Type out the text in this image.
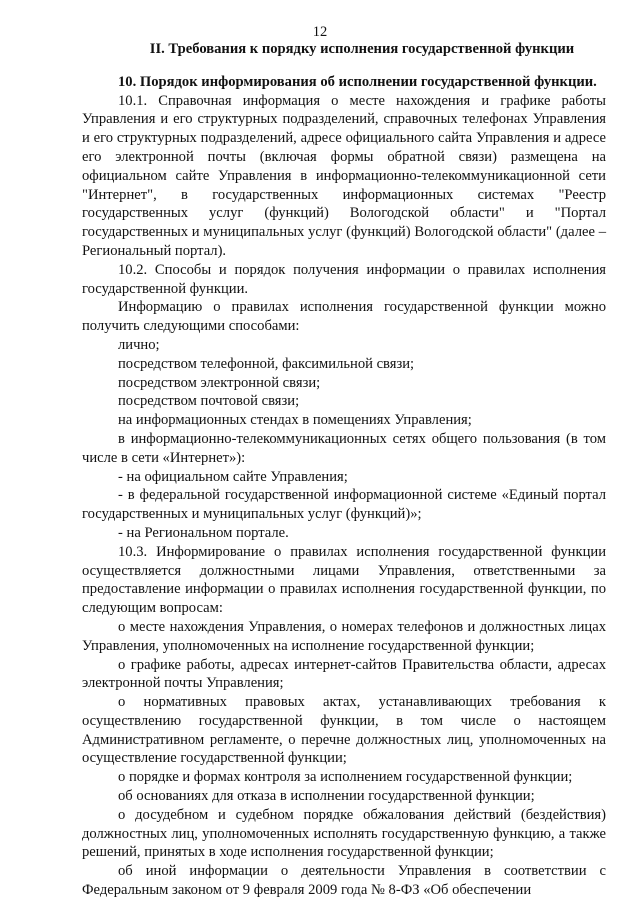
12
II. Требования к порядку исполнения государственной функции
10. Порядок информирования об исполнении государственной функции.

10.1. Справочная информация о месте нахождения и графике работы Управления и его структурных подразделений, справочных телефонах Управления и его структурных подразделений, адресе официального сайта Управления и адресе его электронной почты (включая формы обратной связи) размещена на официальном сайте Управления в информационно-телекоммуникационной сети "Интернет", в государственных информационных системах "Реестр государственных услуг (функций) Вологодской области" и "Портал государственных и муниципальных услуг (функций) Вологодской области" (далее – Региональный портал).

10.2. Способы и порядок получения информации о правилах исполнения государственной функции.

Информацию о правилах исполнения государственной функции можно получить следующими способами:

лично;

посредством телефонной, факсимильной связи;

посредством электронной связи;

посредством почтовой связи;

на информационных стендах в помещениях Управления;

в информационно-телекоммуникационных сетях общего пользования (в том числе в сети «Интернет»):

- на официальном сайте Управления;

- в федеральной государственной информационной системе «Единый портал государственных и муниципальных услуг (функций)»;

- на Региональном портале.

10.3. Информирование о правилах исполнения государственной функции осуществляется должностными лицами Управления, ответственными за предоставление информации о правилах исполнения государственной функции, по следующим вопросам:

о месте нахождения Управления, о номерах телефонов и должностных лицах Управления, уполномоченных на исполнение государственной функции;

о графике работы, адресах интернет-сайтов Правительства области, адресах электронной почты Управления;

о нормативных правовых актах, устанавливающих требования к осуществлению государственной функции, в том числе о настоящем Административном регламенте, о перечне должностных лиц, уполномоченных на осуществление государственной функции;

о порядке и формах контроля за исполнением государственной функции;

об основаниях для отказа в исполнении государственной функции;

о досудебном и судебном порядке обжалования действий (бездействия) должностных лиц, уполномоченных исполнять государственную функцию, а также решений, принятых в ходе исполнения государственной функции;

об иной информации о деятельности Управления в соответствии с Федеральным законом от 9 февраля 2009 года № 8-ФЗ «Об обеспечении
